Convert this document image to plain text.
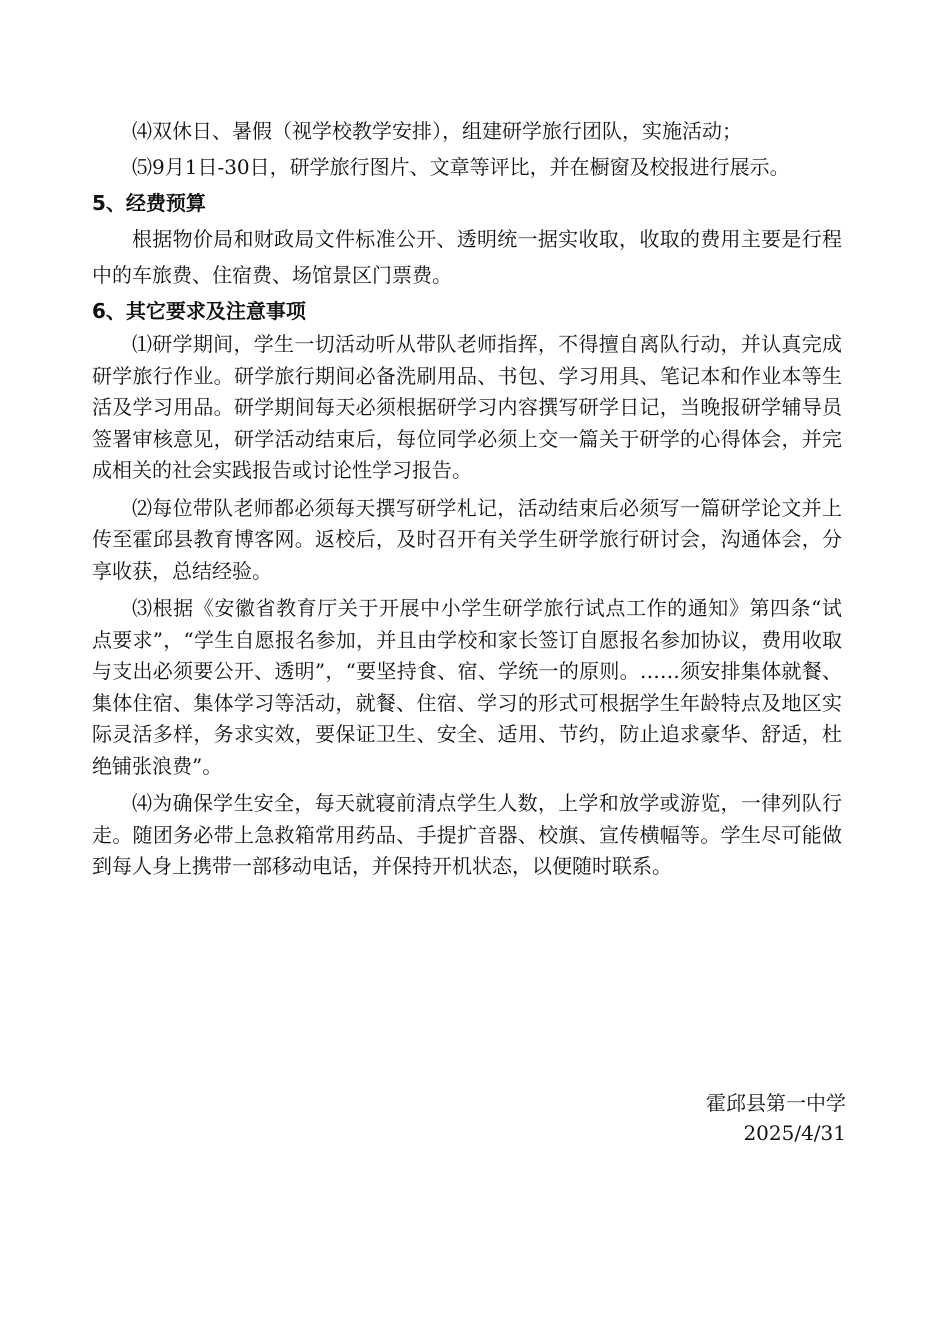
⑷双休日、暑假（视学校教学安排），组建研学旅行团队，实施活动；

⑸9月1日-30日，研学旅行图片、文章等评比，并在橱窗及校报进行展示。

5、经费预算

根据物价局和财政局文件标准公开、透明统一据实收取，收取的费用主要是行程中的车旅费、住宿费、场馆景区门票费。

6、其它要求及注意事项

⑴研学期间，学生一切活动听从带队老师指挥，不得擅自离队行动，并认真完成研学旅行作业。研学旅行期间必备洗刷用品、书包、学习用具、笔记本和作业本等生活及学习用品。研学期间每天必须根据研学习内容撰写研学日记，当晚报研学辅导员签署审核意见，研学活动结束后，每位同学必须上交一篇关于研学的心得体会，并完成相关的社会实践报告或讨论性学习报告。

⑵每位带队老师都必须每天撰写研学札记，活动结束后必须写一篇研学论文并上传至霍邱县教育博客网。返校后，及时召开有关学生研学旅行研讨会，沟通体会，分享收获，总结经验。

⑶根据《安徽省教育厅关于开展中小学生研学旅行试点工作的通知》第四条“试点要求”，“学生自愿报名参加，并且由学校和家长签订自愿报名参加协议，费用收取与支出必须要公开、透明”，“要坚持食、宿、学统一的原则。……须安排集体就餐、集体住宿、集体学习等活动，就餐、住宿、学习的形式可根据学生年龄特点及地区实际灵活多样，务求实效，要保证卫生、安全、适用、节约，防止追求豪华、舒适，杜绝铺张浪费”。

⑷为确保学生安全，每天就寝前清点学生人数，上学和放学或游览，一律列队行走。随团务必带上急救箱常用药品、手提扩音器、校旗、宣传横幅等。学生尽可能做到每人身上携带一部移动电话，并保持开机状态，以便随时联系。

霍邱县第一中学
2025/4/31
